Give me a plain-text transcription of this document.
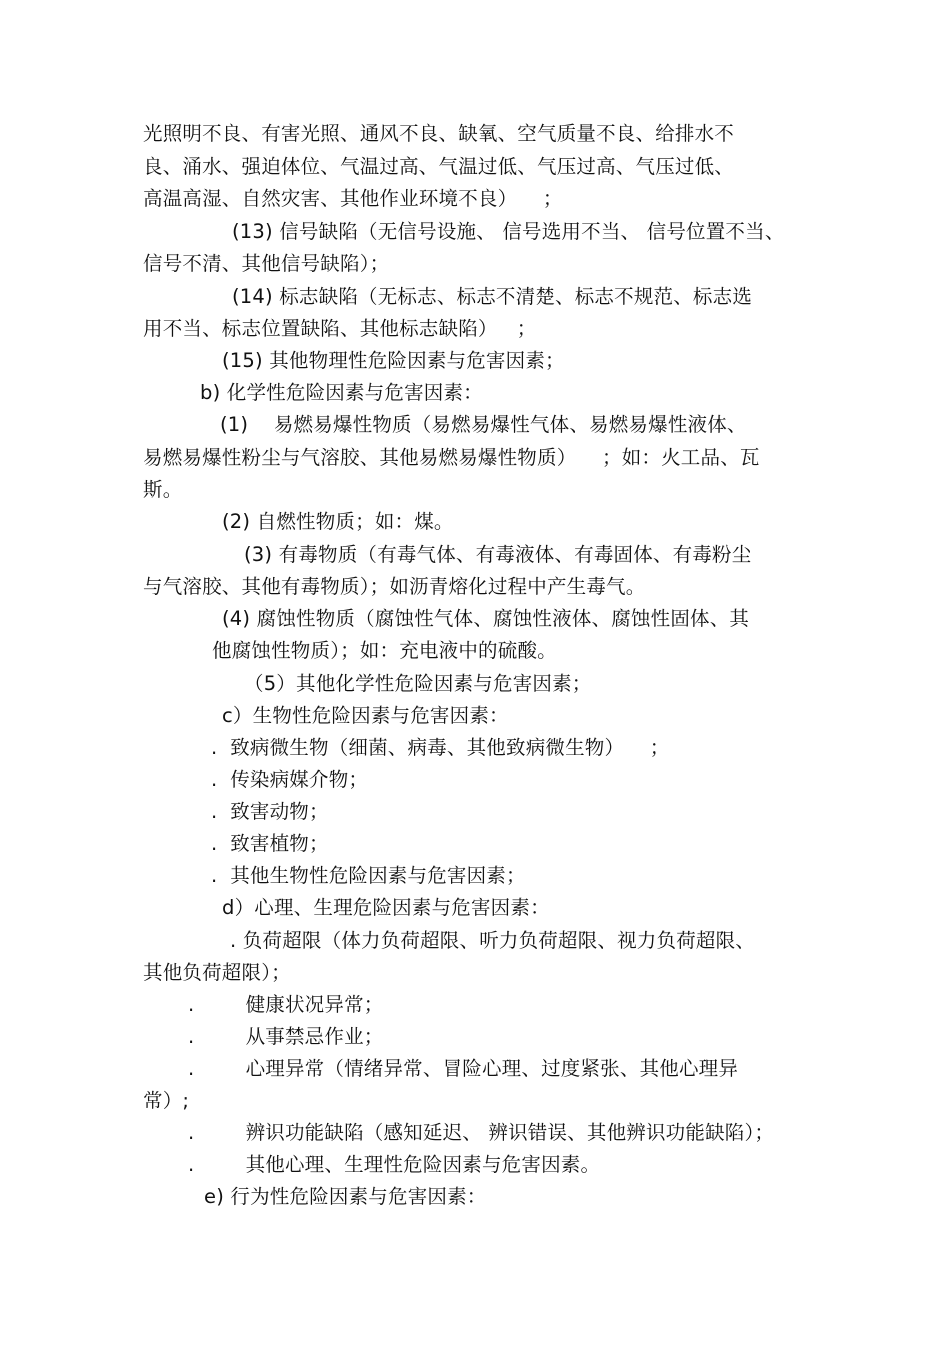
光照明不良、有害光照、通风不良、缺氧、空气质量不良、给排水不
良、涌水、强迫体位、气温过高、气温过低、气压过高、气压过低、
高温高湿、自然灾害、其他作业环境不良）    ；
(13) 信号缺陷（无信号设施、 信号选用不当、 信号位置不当、
信号不清、其他信号缺陷）；
(14) 标志缺陷（无标志、标志不清楚、标志不规范、标志选
用不当、标志位置缺陷、其他标志缺陷）   ；
(15) 其他物理性危险因素与危害因素；
b) 化学性危险因素与危害因素：
(1)    易燃易爆性物质（易燃易爆性气体、易燃易爆性液体、
易燃易爆性粉尘与气溶胶、其他易燃易爆性物质）    ；如：火工品、瓦
斯。
(2) 自燃性物质；如：煤。
(3) 有毒物质（有毒气体、有毒液体、有毒固体、有毒粉尘
与气溶胶、其他有毒物质）；如沥青熔化过程中产生毒气。
(4) 腐蚀性物质（腐蚀性气体、腐蚀性液体、腐蚀性固体、其
他腐蚀性物质）；如：充电液中的硫酸。
（5）其他化学性危险因素与危害因素；
c）生物性危险因素与危害因素：
.  致病微生物（细菌、病毒、其他致病微生物）    ；
.  传染病媒介物；
.  致害动物；
.  致害植物；
.  其他生物性危险因素与危害因素；
d）心理、生理危险因素与危害因素：
. 负荷超限（体力负荷超限、听力负荷超限、视力负荷超限、
其他负荷超限）；
.        健康状况异常；
.        从事禁忌作业；
.        心理异常（情绪异常、冒险心理、过度紧张、其他心理异
常）;
.        辨识功能缺陷（感知延迟、 辨识错误、其他辨识功能缺陷）；
.        其他心理、生理性危险因素与危害因素。
e) 行为性危险因素与危害因素：
